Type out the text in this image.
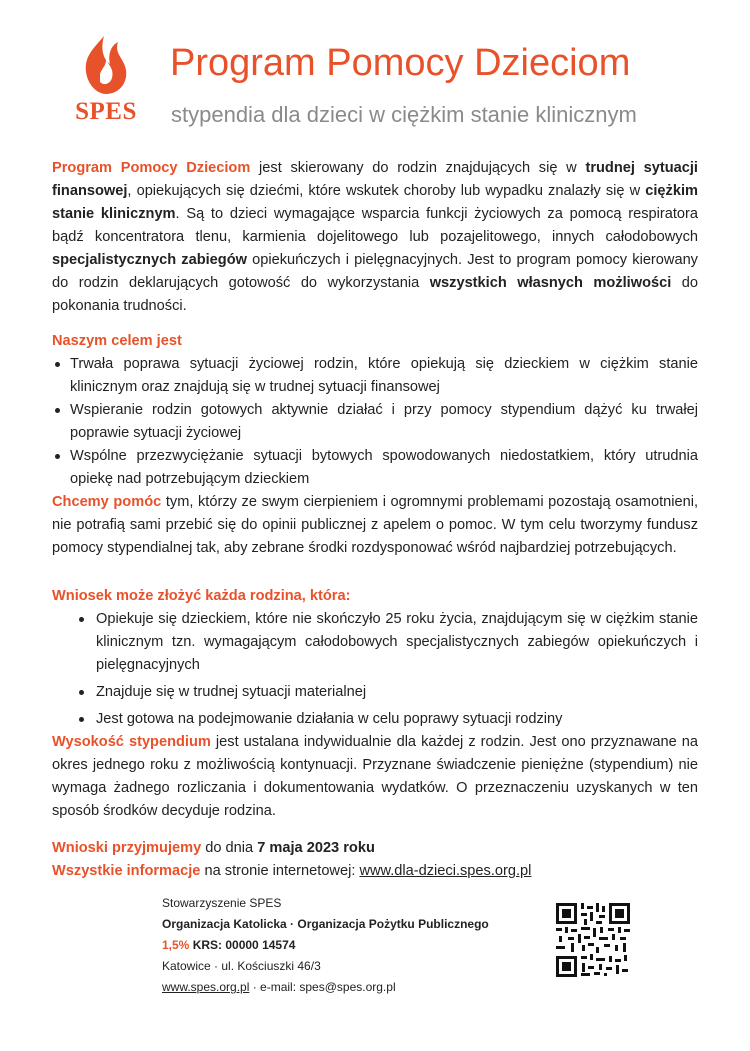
SPES
Program Pomocy Dzieciom
stypendia dla dzieci w ciężkim stanie klinicznym

Program Pomocy Dzieciom jest skierowany do rodzin znajdujących się w trudnej sytuacji finansowej, opiekujących się dziećmi, które wskutek choroby lub wypadku znalazły się w ciężkim stanie klinicznym. Są to dzieci wymagające wsparcia funkcji życiowych za pomocą respiratora bądź koncentratora tlenu, karmienia dojelitowego lub pozajelitowego, innych całodobowych specjalistycznych zabiegów opiekuńczych i pielęgnacyjnych. Jest to program pomocy kierowany do rodzin deklarujących gotowość do wykorzystania wszystkich własnych możliwości do pokonania trudności.

Naszym celem jest

Trwała poprawa sytuacji życiowej rodzin, które opiekują się dzieckiem w ciężkim stanie klinicznym oraz znajdują się w trudnej sytuacji finansowej
Wspieranie rodzin gotowych aktywnie działać i przy pomocy stypendium dążyć ku trwałej poprawie sytuacji życiowej
Wspólne przezwyciężanie sytuacji bytowych spowodowanych niedostatkiem, który utrudnia opiekę nad potrzebującym dzieckiem

Chcemy pomóc tym, którzy ze swym cierpieniem i ogromnymi problemami pozostają osamotnieni, nie potrafią sami przebić się do opinii publicznej z apelem o pomoc. W tym celu tworzymy fundusz pomocy stypendialnej tak, aby zebrane środki rozdysponować wśród najbardziej potrzebujących.

Wniosek może złożyć każda rodzina, która:

Opiekuje się dzieckiem, które nie skończyło 25 roku życia, znajdującym się w ciężkim stanie klinicznym tzn. wymagającym całodobowych specjalistycznych zabiegów opiekuńczych i pielęgnacyjnych
Znajduje się w trudnej sytuacji materialnej
Jest gotowa na podejmowanie działania w celu poprawy sytuacji rodziny

Wysokość stypendium jest ustalana indywidualnie dla każdej z rodzin. Jest ono przyznawane na okres jednego roku z możliwością kontynuacji. Przyznane świadczenie pieniężne (stypendium) nie wymaga żadnego rozliczania i dokumentowania wydatków. O przeznaczeniu uzyskanych w ten sposób środków decyduje rodzina.

Wnioski przyjmujemy do dnia 7 maja 2023 roku

Wszystkie informacje na stronie internetowej: www.dla-dzieci.spes.org.pl

Stowarzyszenie SPES
Organizacja Katolicka · Organizacja Pożytku Publicznego
1,5% KRS: 00000 14574
Katowice · ul. Kościuszki 46/3
www.spes.org.pl · e-mail: spes@spes.org.pl
